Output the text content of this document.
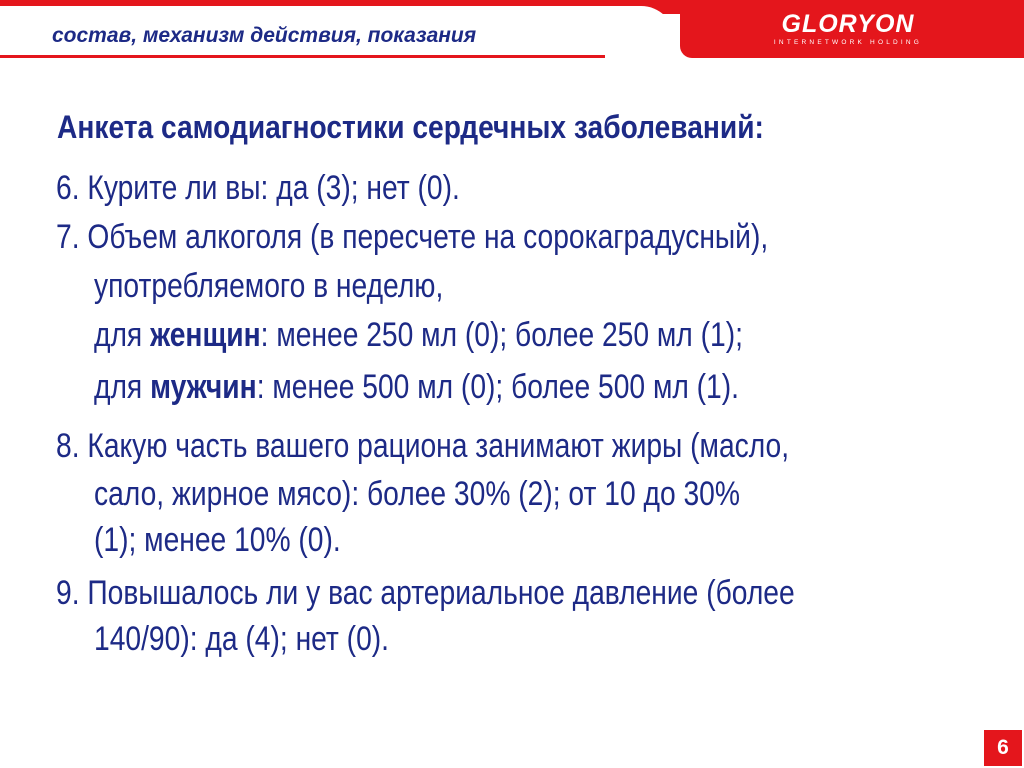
состав, механизм действия, показания	GLORYON
INTERNETWORK HOLDING
Анкета самодиагностики сердечных заболеваний:

6. Курите ли вы: да (3); нет (0).

7. Объем алкоголя (в пересчете на сорокаградусный),

употребляемого в неделю,

для женщин: менее 250 мл (0); более 250 мл (1);

для мужчин: менее 500 мл (0); более 500 мл (1).

8. Какую часть вашего рациона занимают жиры (масло,

сало, жирное мясо): более 30% (2); от 10 до 30%

(1); менее 10% (0).

9. Повышалось ли у вас артериальное давление (более

140/90): да (4); нет (0).

6
